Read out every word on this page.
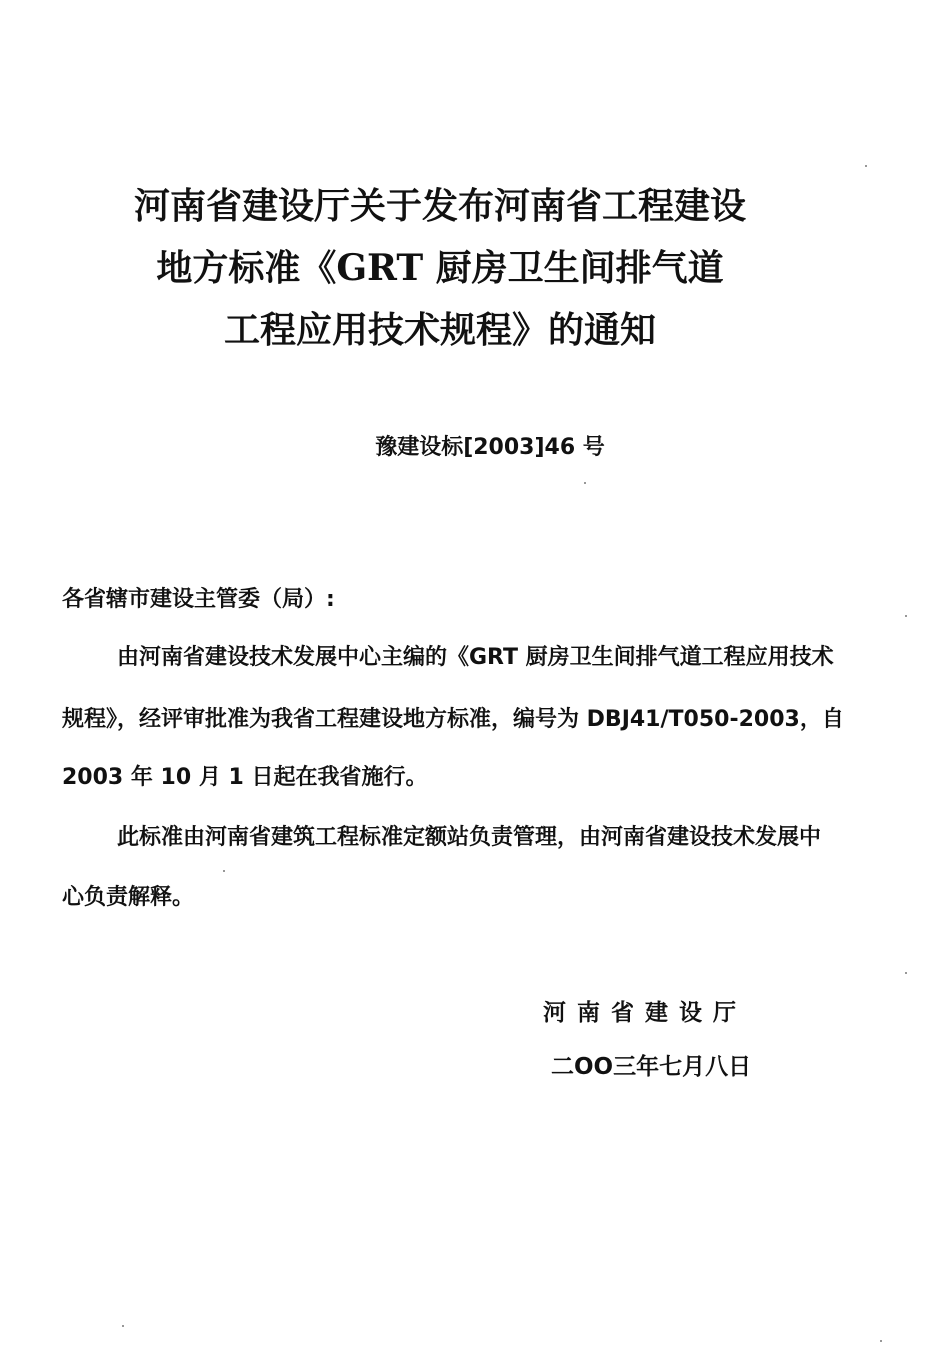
河南省建设厅关于发布河南省工程建设
地方标准《GRT 厨房卫生间排气道
工程应用技术规程》的通知
豫建设标[2003]46 号
各省辖市建设主管委（局）:
由河南省建设技术发展中心主编的《GRT 厨房卫生间排气道工程应用技术
规程》，经评审批准为我省工程建设地方标准，编号为 DBJ41/T050-2003，自
2003 年 10 月 1 日起在我省施行。
此标准由河南省建筑工程标准定额站负责管理，由河南省建设技术发展中
心负责解释。
河南省建设厅
二OO三年七月八日
